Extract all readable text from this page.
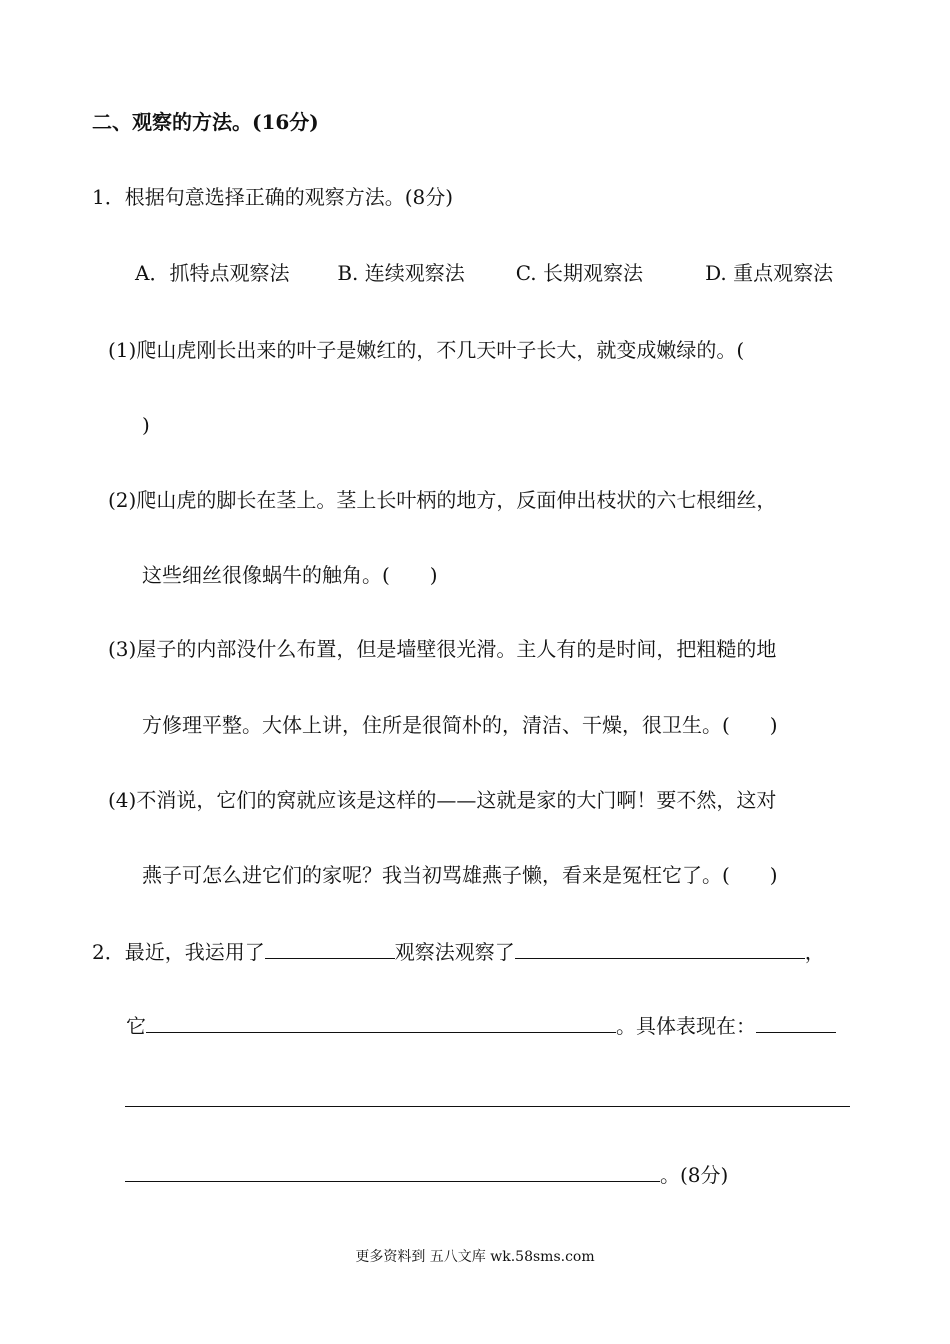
二、观察的方法。(16分)
1．根据句意选择正确的观察方法。(8分)
A．抓特点观察法 B. 连续观察法	C. 长期观察法	D. 重点观察法
(1)爬山虎刚长出来的叶子是嫩红的，不几天叶子长大，就变成嫩绿的。(
)
(2)爬山虎的脚长在茎上。茎上长叶柄的地方，反面伸出枝状的六七根细丝，
这些细丝很像蜗牛的触角。(　　)
(3)屋子的内部没什么布置，但是墙壁很光滑。主人有的是时间，把粗糙的地
方修理平整。大体上讲，住所是很简朴的，清洁、干燥，很卫生。(　　)
(4)不消说，它们的窝就应该是这样的——这就是家的大门啊！要不然，这对
燕子可怎么进它们的家呢？我当初骂雄燕子懒，看来是冤枉它了。(　　)
2．最近，我运用了	观察法观察了	，
它	。具体表现在：
。(8分)
更多资料到 五八文库 wk.58sms.com
